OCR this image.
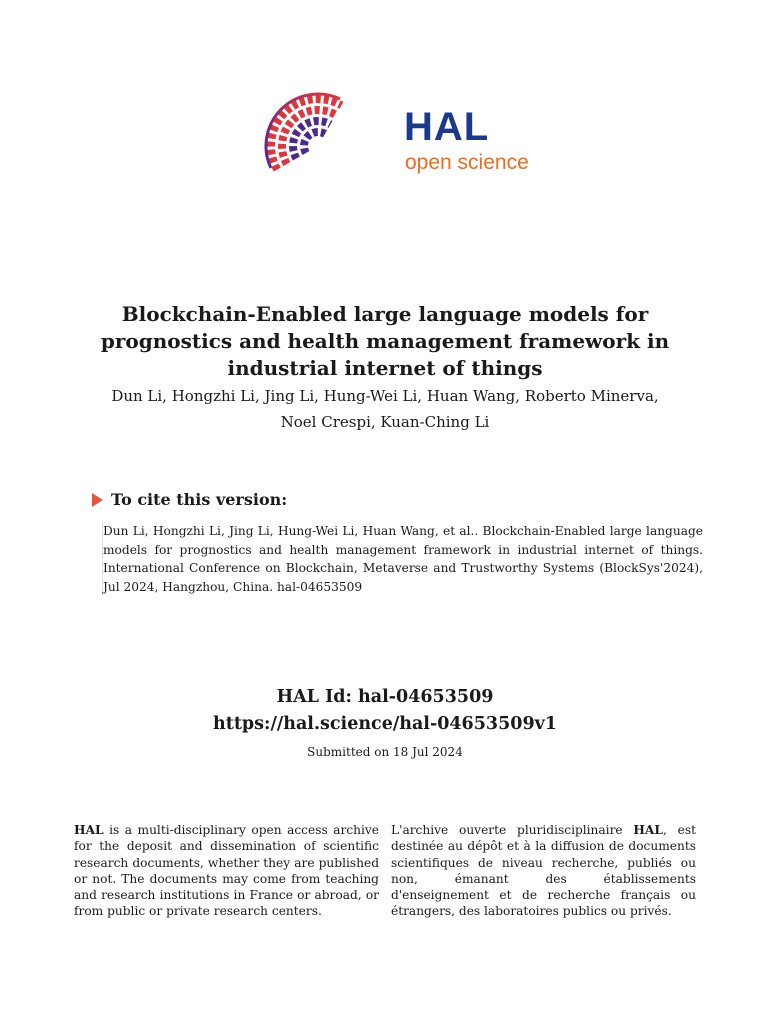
HAL
open science
Blockchain-Enabled large language models for
prognostics and health management framework in
industrial internet of things
Dun Li, Hongzhi Li, Jing Li, Hung-Wei Li, Huan Wang, Roberto Minerva,
Noel Crespi, Kuan-Ching Li
To cite this version:
Dun Li, Hongzhi Li, Jing Li, Hung-Wei Li, Huan Wang, et al.. Blockchain-Enabled large language models for prognostics and health management framework in industrial internet of things. International Conference on Blockchain, Metaverse and Trustworthy Systems (BlockSys'2024), Jul 2024, Hangzhou, China. hal-04653509
HAL Id: hal-04653509
https://hal.science/hal-04653509v1
Submitted on 18 Jul 2024
HAL is a multi-disciplinary open access archive for the deposit and dissemination of scientific research documents, whether they are published or not. The documents may come from teaching and research institutions in France or abroad, or from public or private research centers.
L'archive ouverte pluridisciplinaire HAL, est destinée au dépôt et à la diffusion de documents scientifiques de niveau recherche, publiés ou non, émanant des établissements d'enseignement et de recherche français ou étrangers, des laboratoires publics ou privés.
